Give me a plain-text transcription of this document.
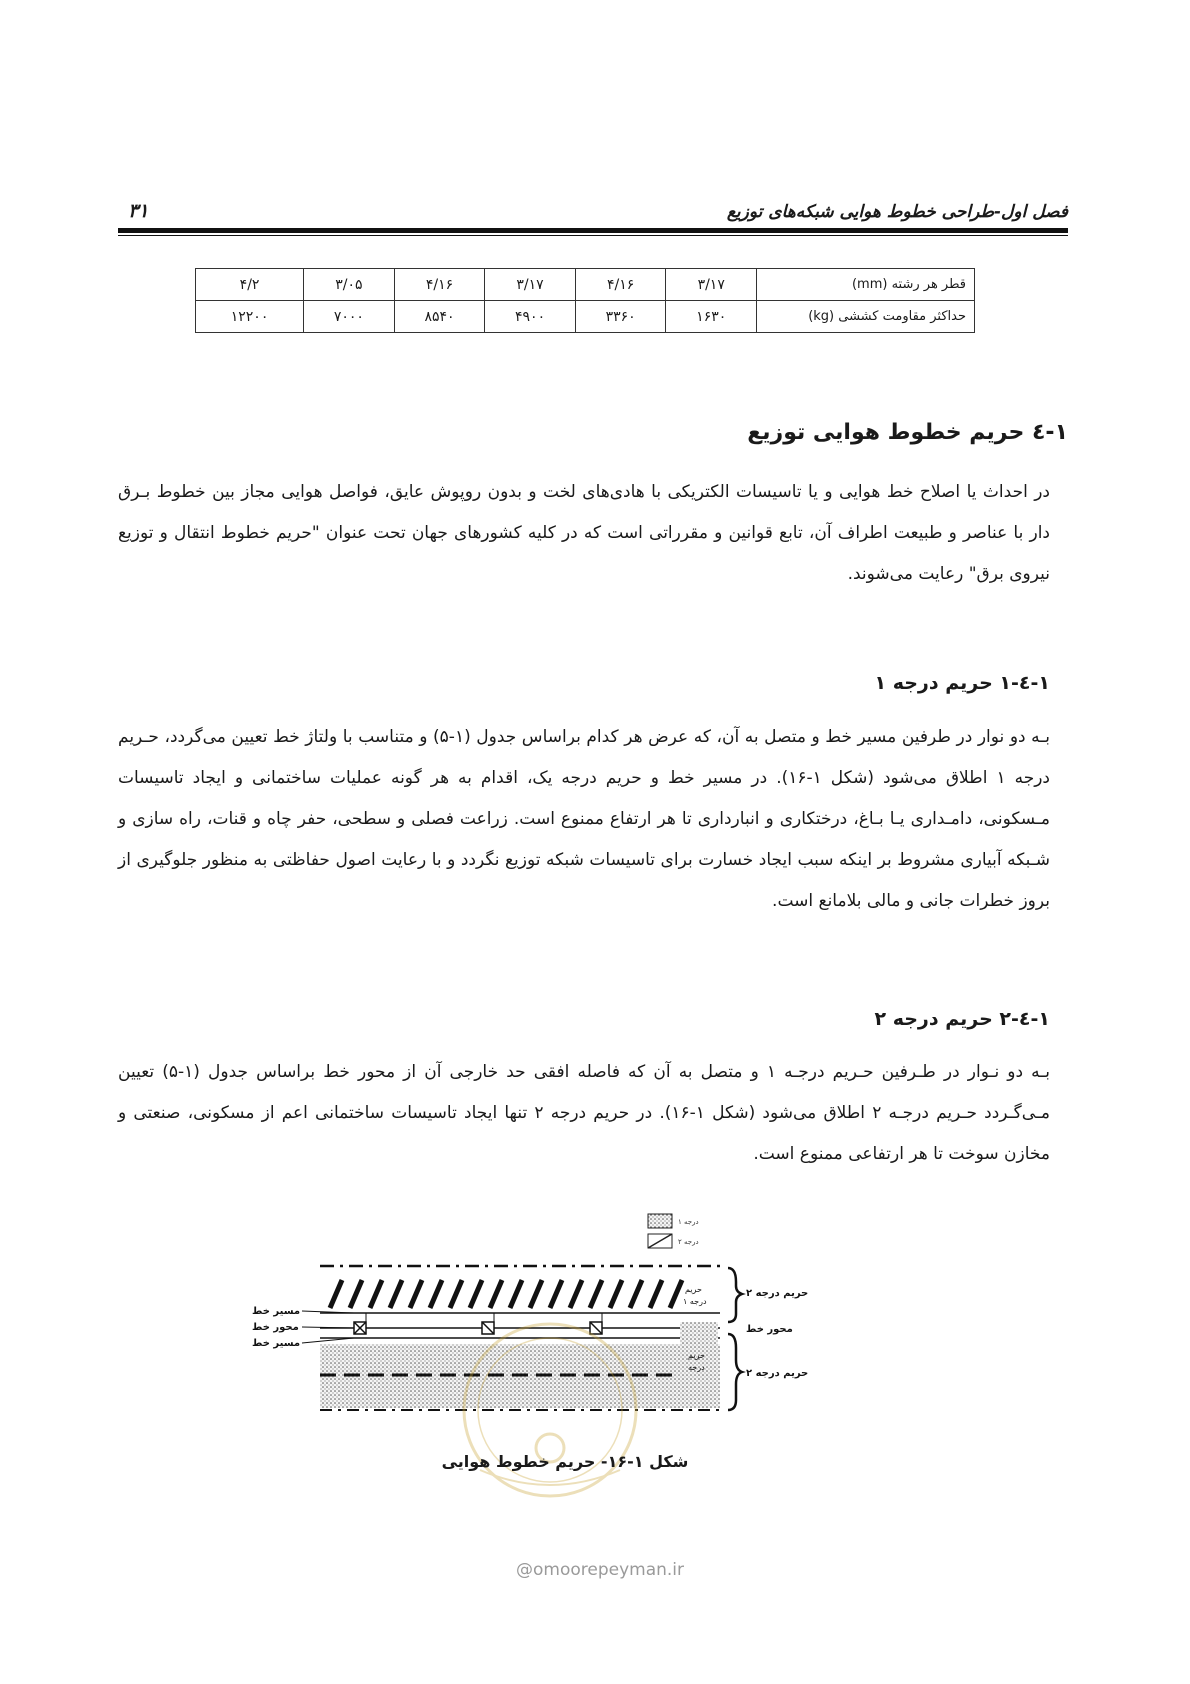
فصل اول-طراحی خطوط هوایی شبکه‌های توزیع
۳۱
قطر هر رشته (mm)	۳/۱۷	۴/۱۶	۳/۱۷	۴/۱۶	۳/۰۵	۴/۲
حداکثر مقاومت کششی (kg)	۱۶۳۰	۳۳۶۰	۴۹۰۰	۸۵۴۰	۷۰۰۰	۱۲۲۰۰
۱-٤ حریم خطوط هوایی توزیع
در احداث یا اصلاح خط هوایی و یا تاسیسات الکتریکی با هادی‌های لخت و بدون روپوش عایق، فواصل هوایی مجاز بین خطوط بـرق دار با عناصر و طبیعت اطراف آن، تابع قوانین و مقرراتی است که در کلیه کشورهای جهان تحت عنوان "حریم خطوط انتقال و توزیع نیروی برق" رعایت می‌شوند.
۱-٤-۱ حریم درجه ۱
بـه دو نوار در طرفین مسیر خط و متصل به آن، که عرض هر کدام براساس جدول (۱-۵) و متناسب با ولتاژ خط تعیین می‌گردد، حـریم درجه ۱ اطلاق می‌شود (شکل ۱-۱۶). در مسیر خط و حریم درجه یک، اقدام به هر گونه عملیات ساختمانی و ایجاد تاسیسات مـسکونی، دامـداری یـا بـاغ، درختکاری و انبارداری تا هر ارتفاع ممنوع است. زراعت فصلی و سطحی، حفر چاه و قنات، راه سازی و شـبکه آبیاری مشروط بر اینکه سبب ایجاد خسارت برای تاسیسات شبکه توزیع نگردد و با رعایت اصول حفاظتی به منظور جلوگیری از بروز خطرات جانی و مالی بلامانع است.
۱-٤-۲ حریم درجه ۲
بـه دو نـوار در طـرفین حـریم درجـه ۱ و متصل به آن که فاصله افقی حد خارجی آن از محور خط براساس جدول (۱-۵) تعیین مـی‌گـردد حـریم درجـه ۲ اطلاق می‌شود (شکل ۱-۱۶). در حریم درجه ۲ تنها ایجاد تاسیسات ساختمانی اعم از مسکونی، صنعتی و مخازن سوخت تا هر ارتفاعی ممنوع است.
درجه ۱
درجه ۲
مسیر خط
محور خط
مسیر خط
حریم
درجه ۱
حریم
درجه
حریم درجه ۲
محور خط
حریم درجه ۲
شکل ۱-۱۶- حریم خطوط هوایی
@omoorepeyman.ir
